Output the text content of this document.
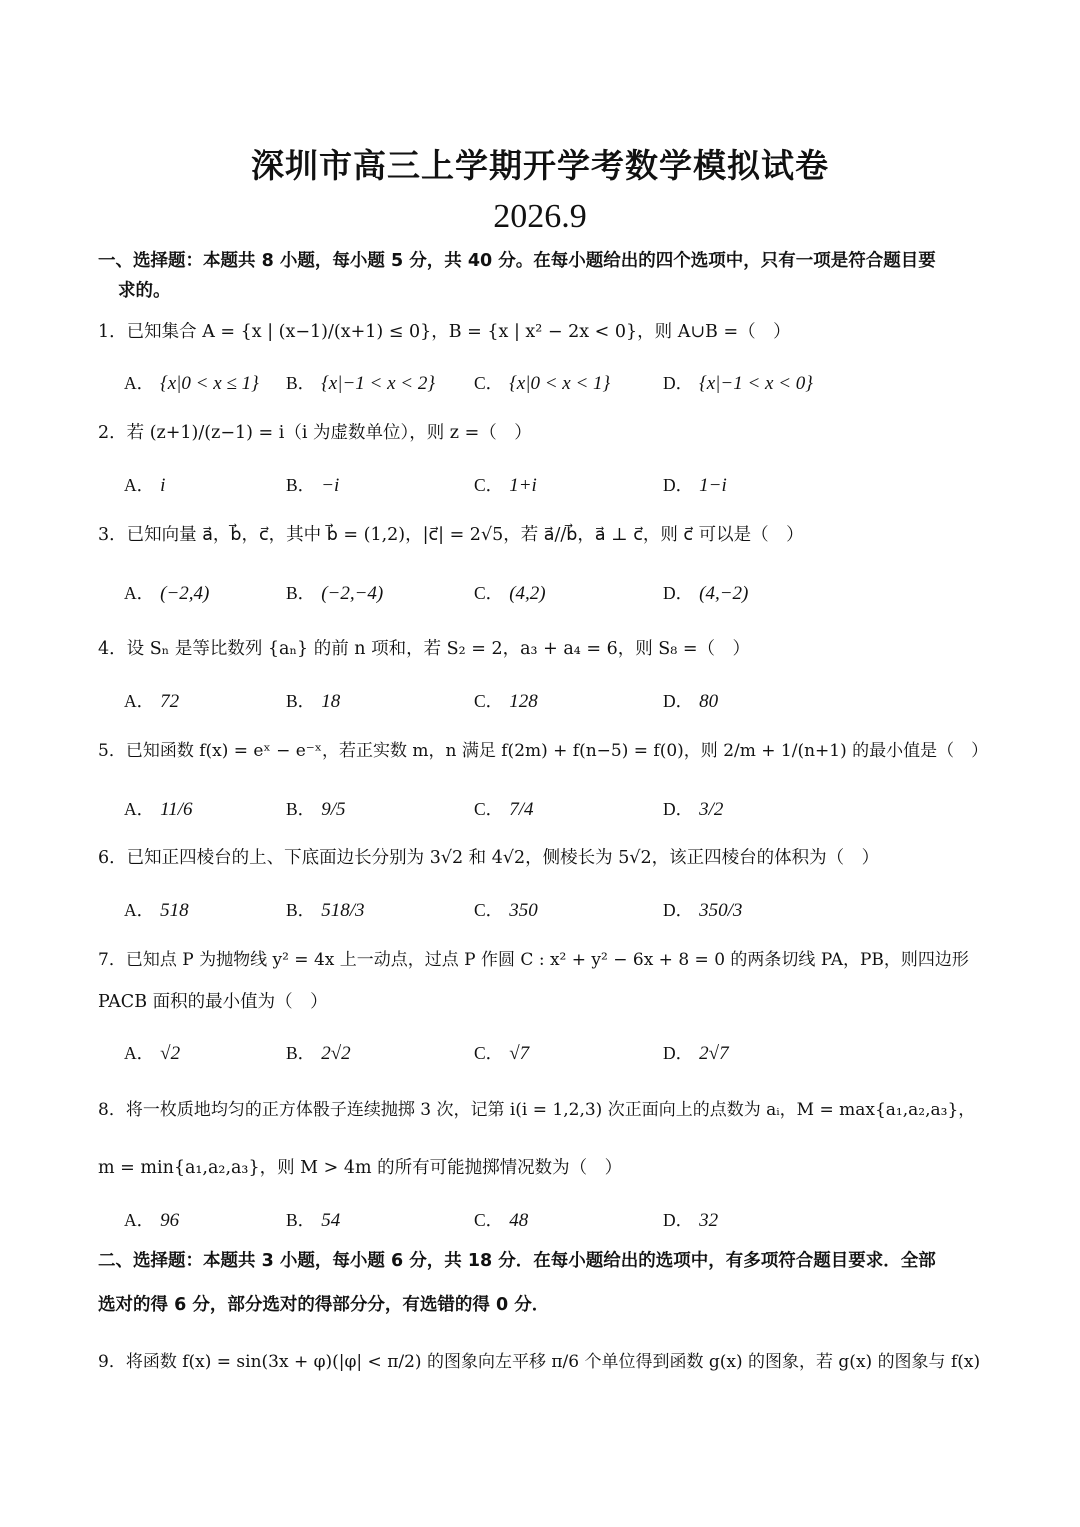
深圳市高三上学期开学考数学模拟试卷
2026.9
一、选择题：本题共 8 小题，每小题 5 分，共 40 分。在每小题给出的四个选项中，只有一项是符合题目要
求的。
1．已知集合 A = {x | (x−1)/(x+1) ≤ 0}，B = {x | x² − 2x < 0}，则 A∪B =（　）
A． {x|0 < x ≤ 1} B． {x|−1 < x < 2} C． {x|0 < x < 1}	D． {x|−1 < x < 0}
2．若 (z+1)/(z−1) = i（i 为虚数单位），则 z =（　）
A． i	B． −i	C． 1+i	D． 1−i
3．已知向量 a⃗，b⃗，c⃗，其中 b⃗ = (1,2)，|c⃗| = 2√5，若 a⃗//b⃗，a⃗ ⊥ c⃗，则 c⃗ 可以是（　）
A． (−2,4)	B． (−2,−4)	C． (4,2)	D． (4,−2)
4．设 Sₙ 是等比数列 {aₙ} 的前 n 项和，若 S₂ = 2，a₃ + a₄ = 6，则 S₈ =（　）
A． 72	B． 18	C． 128	D． 80
5．已知函数 f(x) = eˣ − e⁻ˣ，若正实数 m，n 满足 f(2m) + f(n−5) = f(0)，则 2/m + 1/(n+1) 的最小值是（　）
A． 11/6	B． 9/5	C． 7/4	D． 3/2
6．已知正四棱台的上、下底面边长分别为 3√2 和 4√2，侧棱长为 5√2，该正四棱台的体积为（　）
A． 518	B． 518/3	C． 350	D． 350/3
7．已知点 P 为抛物线 y² = 4x 上一动点，过点 P 作圆 C : x² + y² − 6x + 8 = 0 的两条切线 PA，PB，则四边形
PACB 面积的最小值为（　）
A． √2	B． 2√2	C． √7	D． 2√7
8．将一枚质地均匀的正方体骰子连续抛掷 3 次，记第 i(i = 1,2,3) 次正面向上的点数为 aᵢ，M = max{a₁,a₂,a₃}，
m = min{a₁,a₂,a₃}，则 M > 4m 的所有可能抛掷情况数为（　）
A． 96	B． 54	C． 48	D． 32
二、选择题：本题共 3 小题，每小题 6 分，共 18 分．在每小题给出的选项中，有多项符合题目要求．全部
选对的得 6 分，部分选对的得部分分，有选错的得 0 分．
9．将函数 f(x) = sin(3x + φ)(|φ| < π/2) 的图象向左平移 π/6 个单位得到函数 g(x) 的图象，若 g(x) 的图象与 f(x)
